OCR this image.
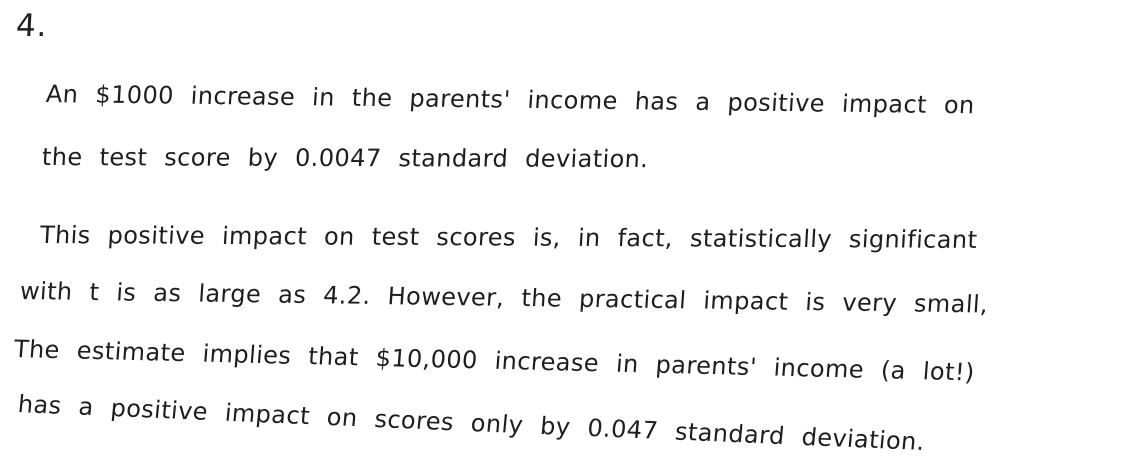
4.
An $1000 increase in the parents' income has a positive impact on
the test score by 0.0047 standard deviation.
This positive impact on test scores is, in fact, statistically significant
with t is as large as 4.2. However, the practical impact is very small,
The estimate implies that $10,000 increase in parents' income (a lot!)
has a positive impact on scores only by 0.047 standard deviation.
